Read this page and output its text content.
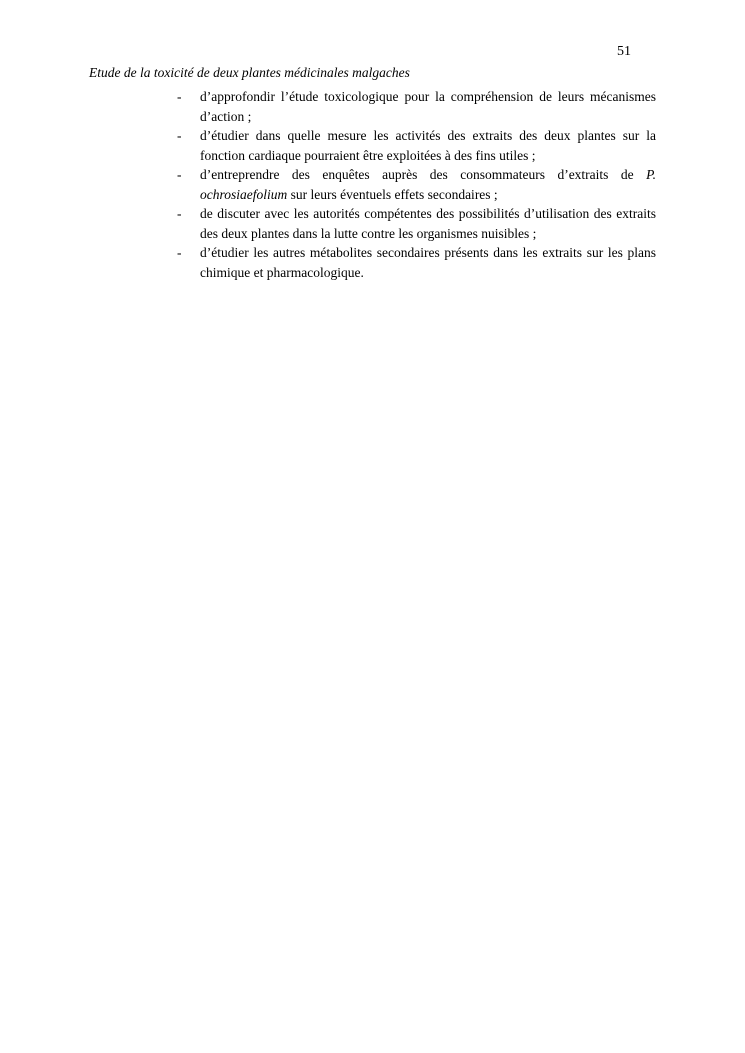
51
Etude de la toxicité de deux plantes médicinales malgaches
- d’approfondir l’étude toxicologique pour la compréhension de leurs mécanismes d’action ;
- d’étudier dans quelle mesure les activités des extraits des deux plantes sur la fonction cardiaque pourraient être exploitées à des fins utiles ;
- d’entreprendre des enquêtes auprès des consommateurs d’extraits de P. ochrosiaefolium sur leurs éventuels effets secondaires ;
- de discuter avec les autorités compétentes des possibilités d’utilisation des extraits des deux plantes dans la lutte contre les organismes nuisibles ;
- d’étudier les autres métabolites secondaires présents dans les extraits sur les plans chimique et pharmacologique.
